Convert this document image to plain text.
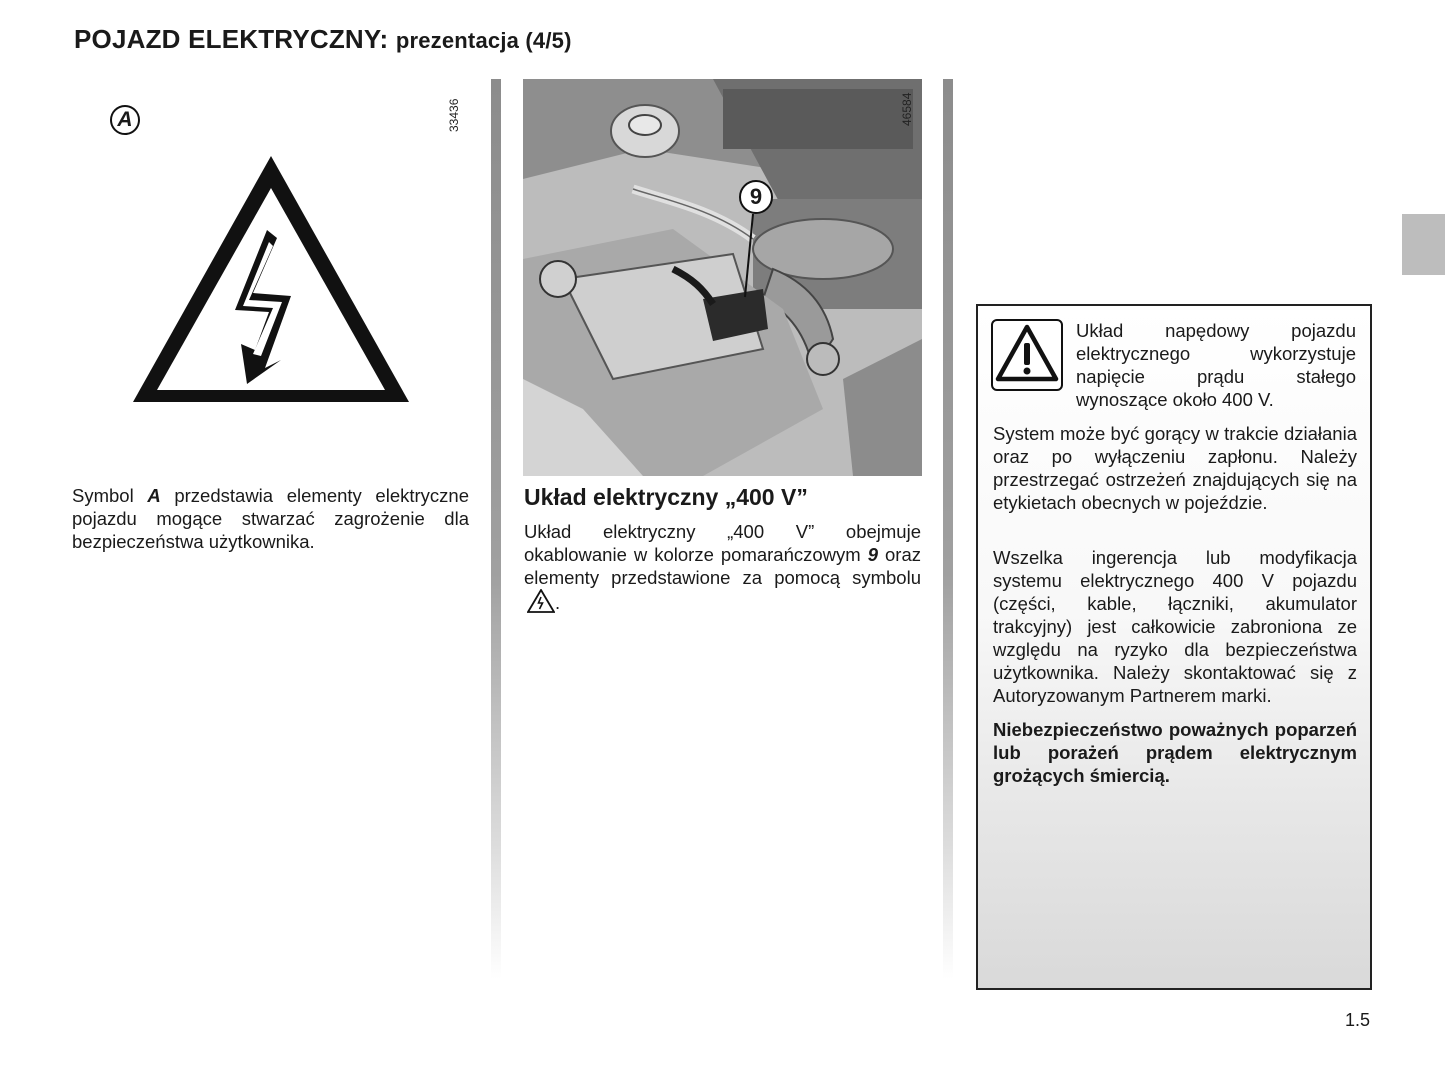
POJAZD ELEKTRYCZNY: prezentacja (4/5)
33436
A

Symbol A przedstawia elementy elektryczne pojazdu mogące stwarzać zagrożenie dla bezpieczeństwa użytkownika.

46584
9
Układ elektryczny „400 V”

Układ elektryczny „400 V” obejmuje okablowanie w kolorze pomarańczowym 9 oraz elementy przedstawione za pomocą symbolu .

Układ napędowy pojazdu elektrycznego wykorzystuje napięcie prądu stałego wynoszące około 400 V.

System może być gorący w trakcie działania oraz po wyłączeniu zapłonu. Należy przestrzegać ostrzeżeń znajdujących się na etykietach obecnych w pojeździe.

Wszelka ingerencja lub modyfikacja systemu elektrycznego 400 V pojazdu (części, kable, łączniki, akumulator trakcyjny) jest całkowicie zabroniona ze względu na ryzyko dla bezpieczeństwa użytkownika. Należy skontaktować się z Autoryzowanym Partnerem marki.

Niebezpieczeństwo poważnych poparzeń lub porażeń prądem elektrycznym grożących śmiercią.

1.5
